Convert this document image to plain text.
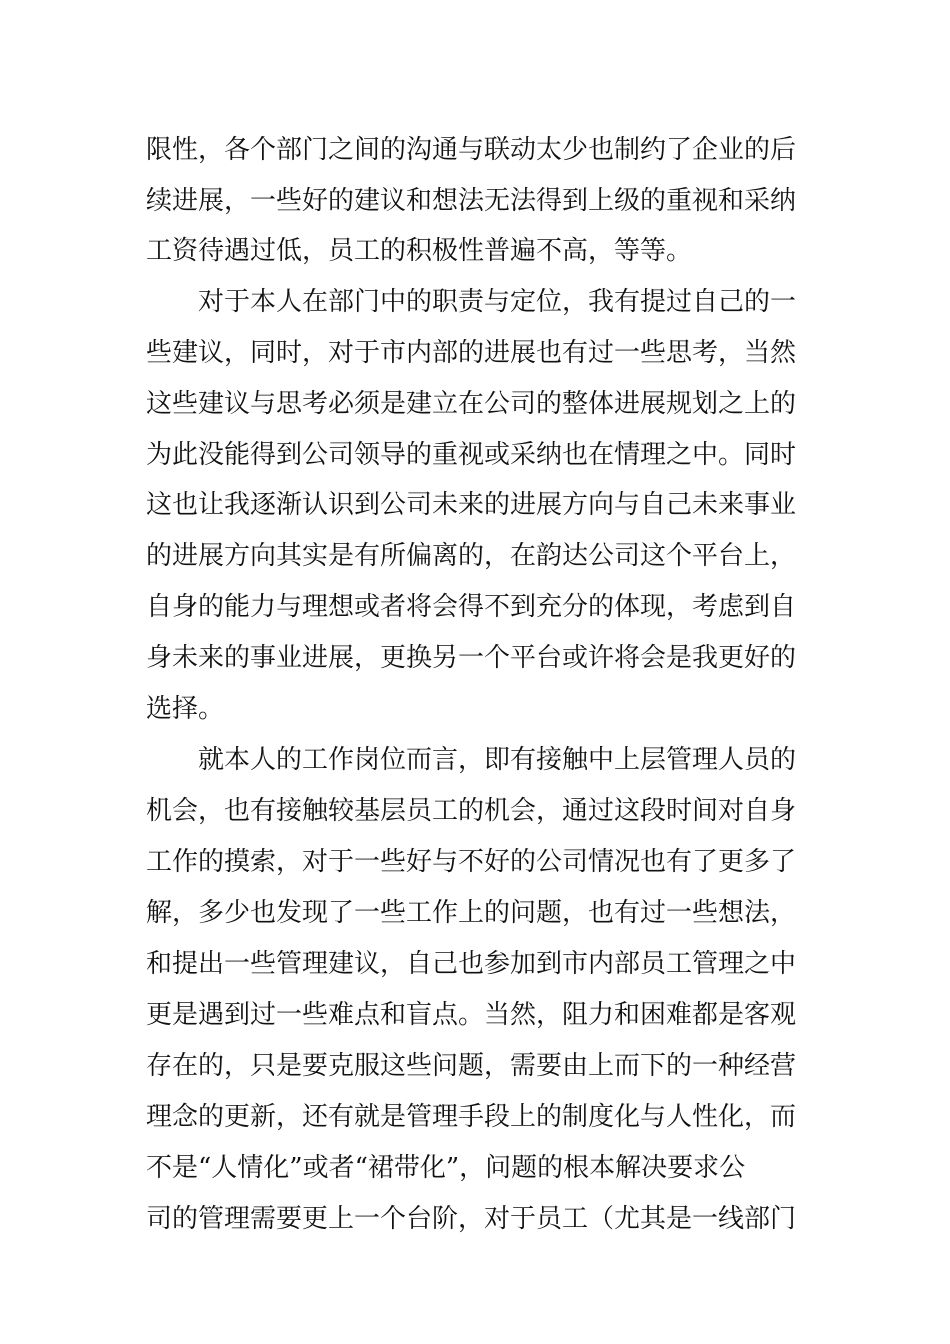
限性，各个部门之间的沟通与联动太少也制约了企业的后
续进展，一些好的建议和想法无法得到上级的重视和采纳
工资待遇过低，员工的积极性普遍不高，等等。
对于本人在部门中的职责与定位，我有提过自己的一
些建议，同时，对于市内部的进展也有过一些思考，当然
这些建议与思考必须是建立在公司的整体进展规划之上的
为此没能得到公司领导的重视或采纳也在情理之中。同时
这也让我逐渐认识到公司未来的进展方向与自己未来事业
的进展方向其实是有所偏离的，在韵达公司这个平台上，
自身的能力与理想或者将会得不到充分的体现，考虑到自
身未来的事业进展，更换另一个平台或许将会是我更好的
选择。
就本人的工作岗位而言，即有接触中上层管理人员的
机会，也有接触较基层员工的机会，通过这段时间对自身
工作的摸索，对于一些好与不好的公司情况也有了更多了
解，多少也发现了一些工作上的问题，也有过一些想法，
和提出一些管理建议，自己也参加到市内部员工管理之中
更是遇到过一些难点和盲点。当然，阻力和困难都是客观
存在的，只是要克服这些问题，需要由上而下的一种经营
理念的更新，还有就是管理手段上的制度化与人性化，而
不是“人情化”或者“裙带化”，问题的根本解决要求公
司的管理需要更上一个台阶，对于员工（尤其是一线部门
